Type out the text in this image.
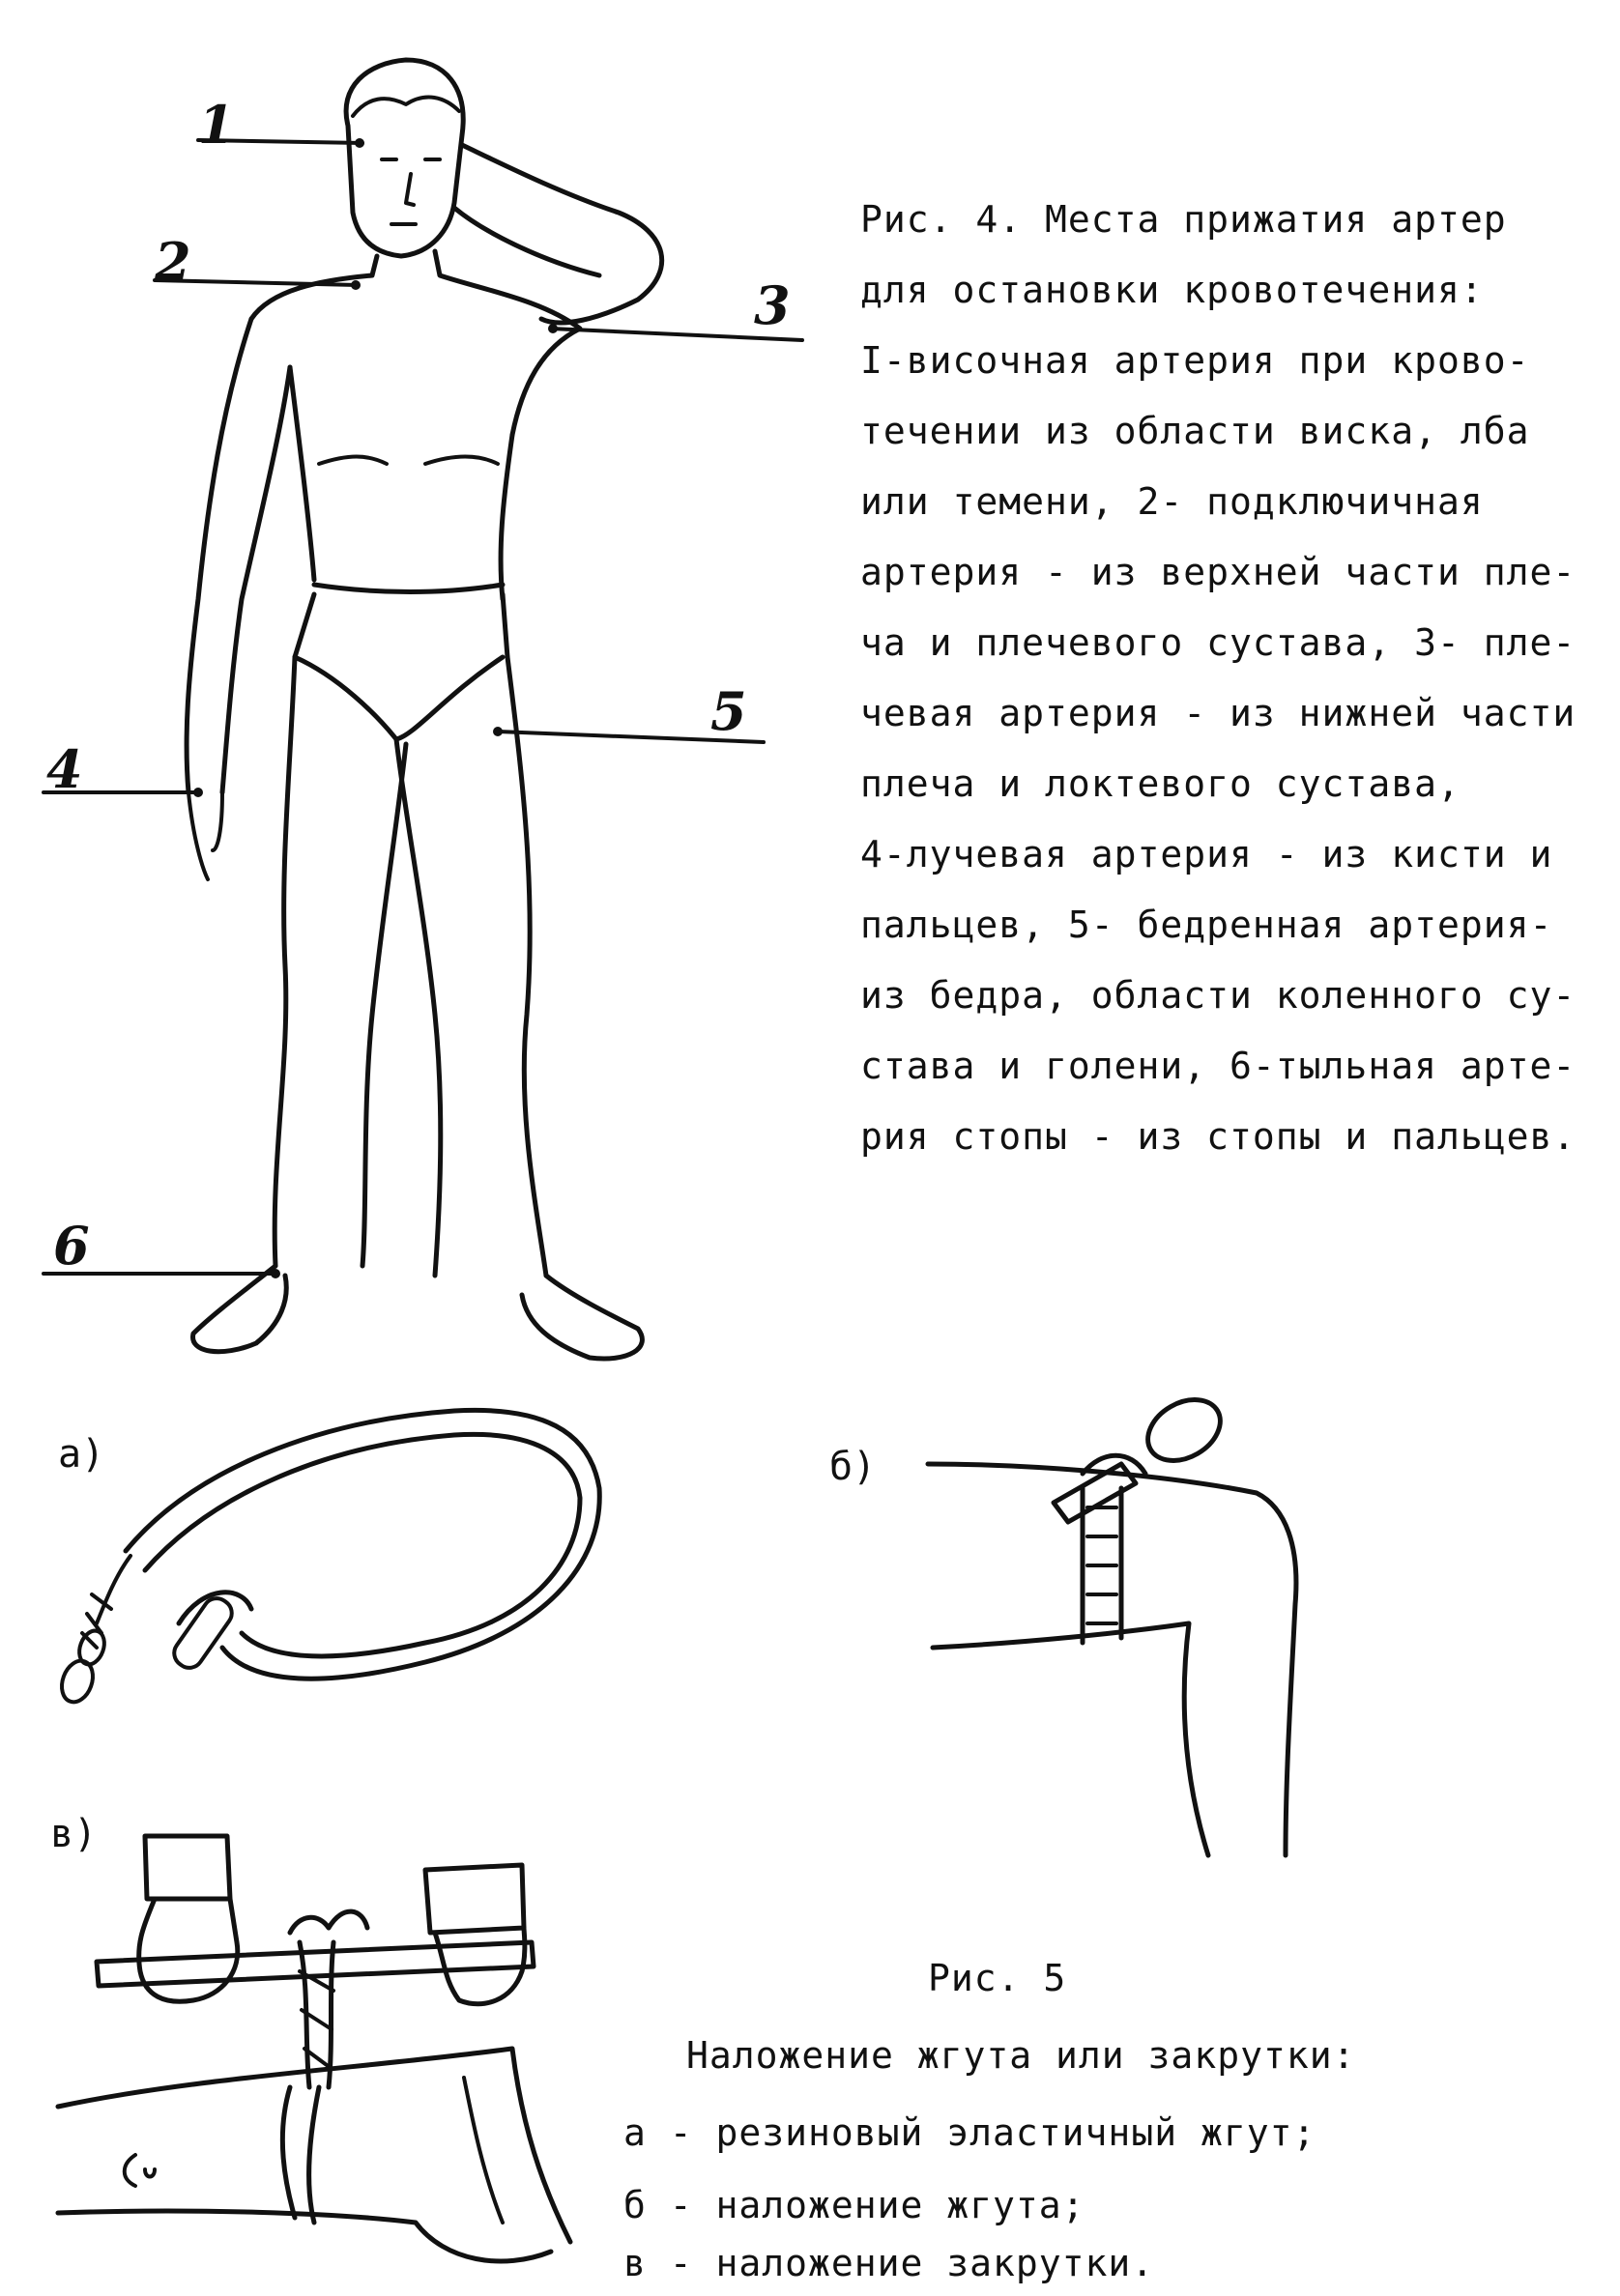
1
2
3
4
5
6
Рис. 4. Места прижатия артер
для остановки кровотечения:
I-височная артерия при крово-
течении из области виска, лба
или темени, 2- подключичная
артерия - из верхней части пле-
ча и плечевого сустава, 3- пле-
чевая артерия - из нижней части
плеча и локтевого сустава,
4-лучевая артерия - из кисти и
пальцев, 5- бедренная артерия-
из бедра, области коленного су-
става и голени, 6-тыльная арте-
рия стопы - из стопы и пальцев.
а)	б)
в)
Рис. 5
Наложение жгута или закрутки:
а - резиновый эластичный жгут;
б - наложение жгута;
в - наложение закрутки.
